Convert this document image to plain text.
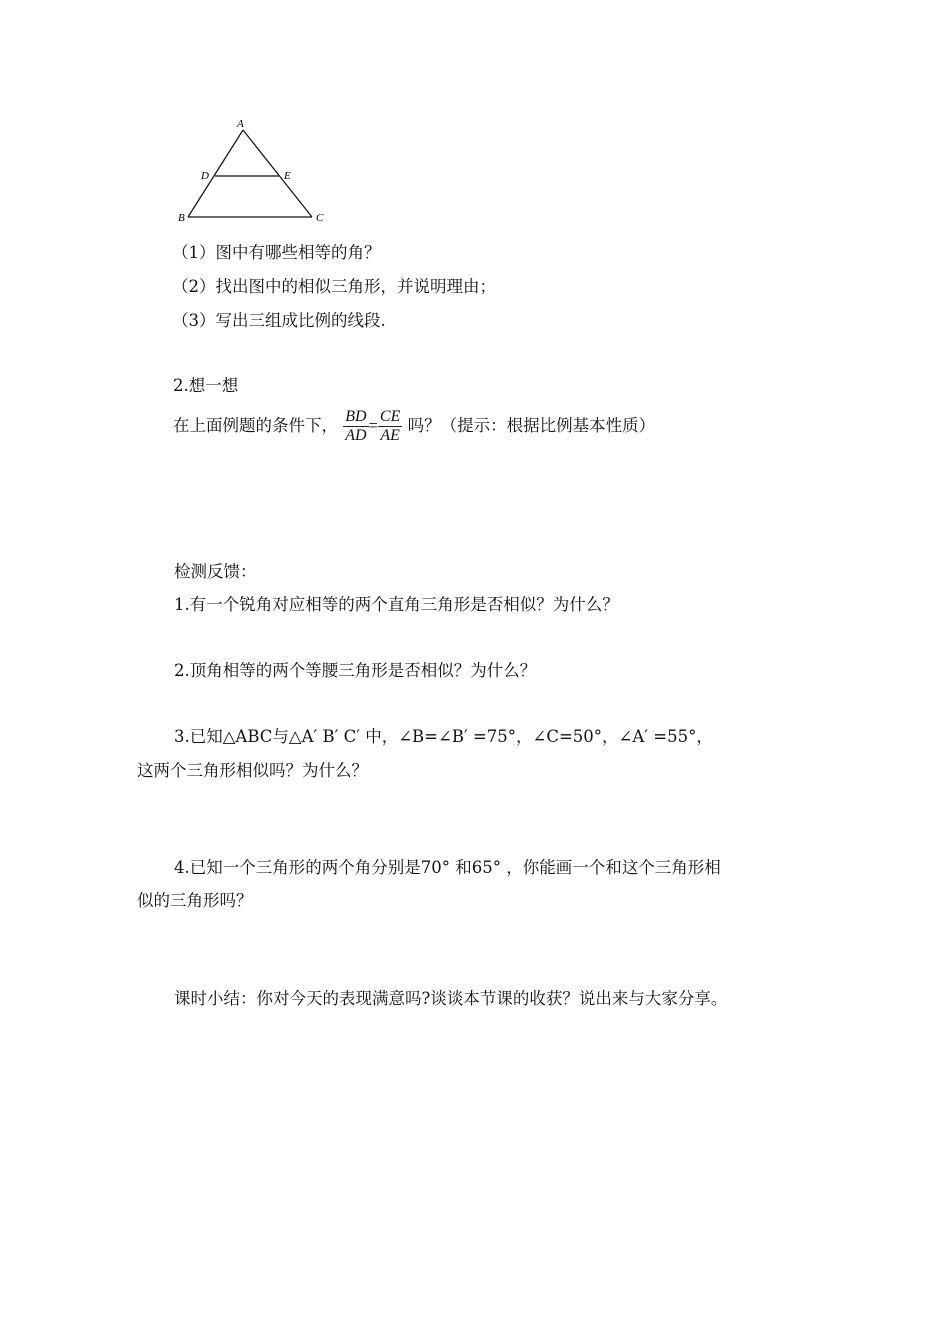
A
D	E
B	C
（1）图中有哪些相等的角？
（2）找出图中的相似三角形，并说明理由；
（3）写出三组成比例的线段.
2.想一想
在上面例题的条件下， $\frac{BD}{AD} = \frac{CE}{AE}$ 吗？（提示：根据比例基本性质）
检测反馈：
1.有一个锐角对应相等的两个直角三角形是否相似？为什么？
2.顶角相等的两个等腰三角形是否相似？为什么？
3.已知△ABC与△A′ B′ C′ 中，∠B=∠B′ =75°，∠C=50°，∠A′ =55°，
这两个三角形相似吗？为什么？
4.已知一个三角形的两个角分别是70° 和65° ，你能画一个和这个三角形相
似的三角形吗？
课时小结：你对今天的表现满意吗?谈谈本节课的收获？说出来与大家分享。
